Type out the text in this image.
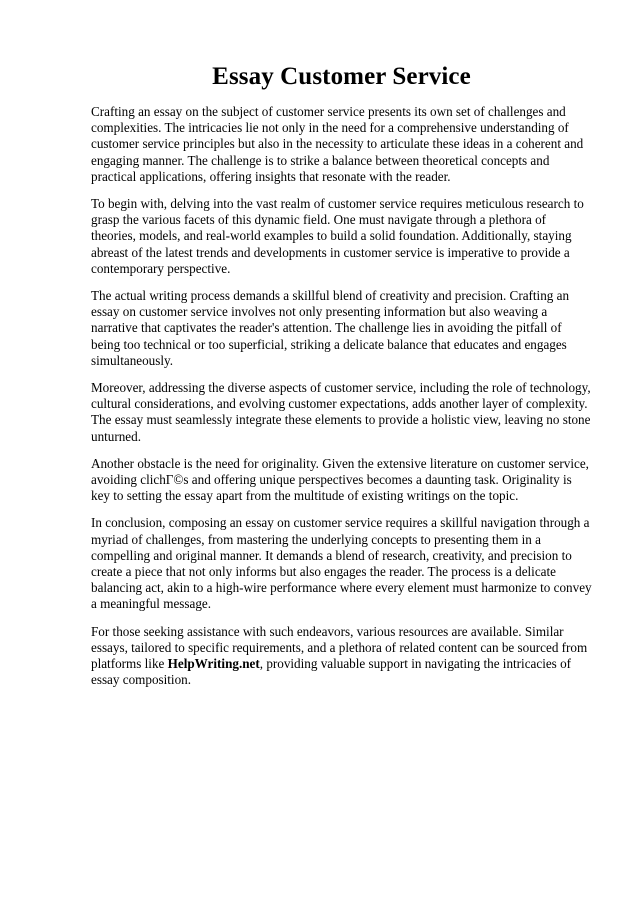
Essay Customer Service

Crafting an essay on the subject of customer service presents its own set of challenges and complexities. The intricacies lie not only in the need for a comprehensive understanding of customer service principles but also in the necessity to articulate these ideas in a coherent and engaging manner. The challenge is to strike a balance between theoretical concepts and practical applications, offering insights that resonate with the reader.

To begin with, delving into the vast realm of customer service requires meticulous research to grasp the various facets of this dynamic field. One must navigate through a plethora of theories, models, and real-world examples to build a solid foundation. Additionally, staying abreast of the latest trends and developments in customer service is imperative to provide a contemporary perspective.

The actual writing process demands a skillful blend of creativity and precision. Crafting an essay on customer service involves not only presenting information but also weaving a narrative that captivates the reader's attention. The challenge lies in avoiding the pitfall of being too technical or too superficial, striking a delicate balance that educates and engages simultaneously.

Moreover, addressing the diverse aspects of customer service, including the role of technology, cultural considerations, and evolving customer expectations, adds another layer of complexity. The essay must seamlessly integrate these elements to provide a holistic view, leaving no stone unturned.

Another obstacle is the need for originality. Given the extensive literature on customer service, avoiding clichГ©s and offering unique perspectives becomes a daunting task. Originality is key to setting the essay apart from the multitude of existing writings on the topic.

In conclusion, composing an essay on customer service requires a skillful navigation through a myriad of challenges, from mastering the underlying concepts to presenting them in a compelling and original manner. It demands a blend of research, creativity, and precision to create a piece that not only informs but also engages the reader. The process is a delicate balancing act, akin to a high-wire performance where every element must harmonize to convey a meaningful message.

For those seeking assistance with such endeavors, various resources are available. Similar essays, tailored to specific requirements, and a plethora of related content can be sourced from platforms like HelpWriting.net, providing valuable support in navigating the intricacies of essay composition.
